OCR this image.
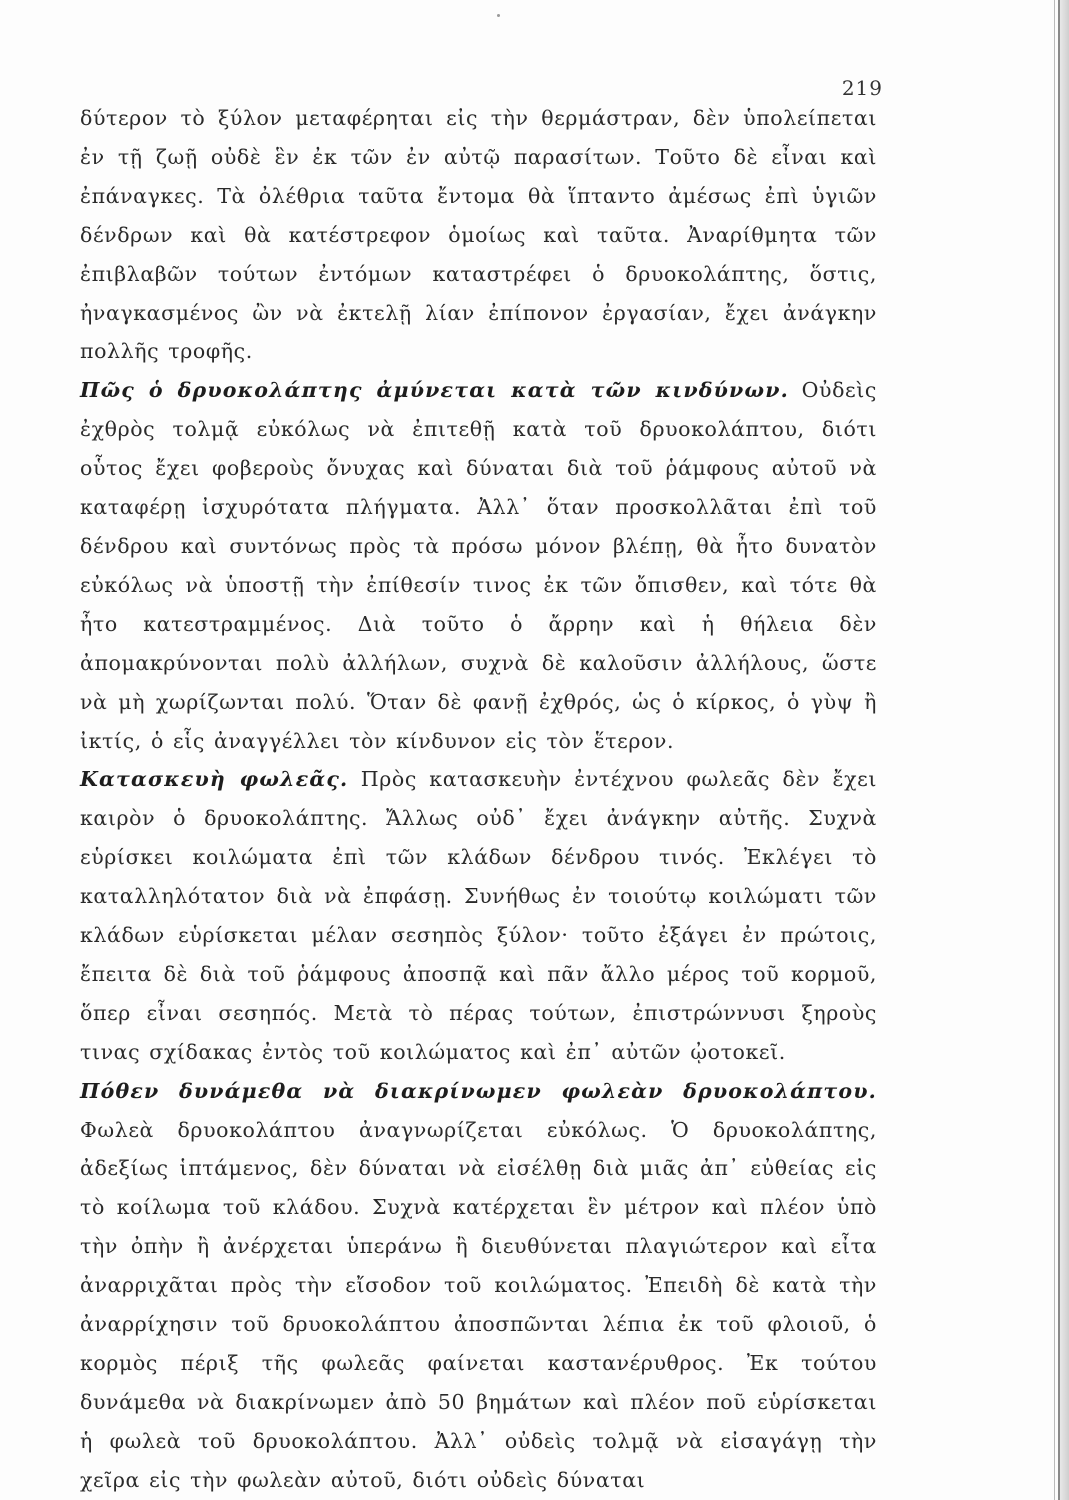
219

δύτερον τὸ ξύλον μεταφέρηται εἰς τὴν θερμάστραν, δὲν ὑπολείπεται ἐν τῇ ζωῇ οὐδὲ ἓν ἐκ τῶν ἐν αὐτῷ παρασίτων. Τοῦτο δὲ εἶναι καὶ ἐπάναγκες. Τὰ ὀλέθρια ταῦτα ἔντομα θὰ ἵπταντο ἀμέσως ἐπὶ ὑγιῶν δένδρων καὶ θὰ κατέστρεφον ὁμοίως καὶ ταῦτα. Ἀναρίθμητα τῶν ἐπιβλαβῶν τούτων ἐντόμων καταστρέφει ὁ δρυοκολάπτης, ὅστις, ἠναγκασμένος ὢν νὰ ἐκτελῇ λίαν ἐπίπονον ἐργασίαν, ἔχει ἀνάγκην πολλῆς τροφῆς.

Πῶς ὁ δρυοκολάπτης ἀμύνεται κατὰ τῶν κινδύνων. Οὐδεὶς ἐχθρὸς τολμᾷ εὐκόλως νὰ ἐπιτεθῇ κατὰ τοῦ δρυοκολάπτου, διότι οὗτος ἔχει φοβεροὺς ὄνυχας καὶ δύναται διὰ τοῦ ῥάμφους αὐτοῦ νὰ καταφέρῃ ἰσχυρότατα πλήγματα. Ἀλλ᾽ ὅταν προσκολλᾶται ἐπὶ τοῦ δένδρου καὶ συντόνως πρὸς τὰ πρόσω μόνον βλέπῃ, θὰ ἦτο δυνατὸν εὐκόλως νὰ ὑποστῇ τὴν ἐπίθεσίν τινος ἐκ τῶν ὄπισθεν, καὶ τότε θὰ ἦτο κατεστραμμένος. Διὰ τοῦτο ὁ ἄρρην καὶ ἡ θήλεια δὲν ἀπομακρύνονται πολὺ ἀλλήλων, συχνὰ δὲ καλοῦσιν ἀλλήλους, ὥστε νὰ μὴ χωρίζωνται πολύ. Ὅταν δὲ φανῇ ἐχθρός, ὡς ὁ κίρκος, ὁ γὺψ ἢ ἰκτίς, ὁ εἷς ἀναγγέλλει τὸν κίνδυνον εἰς τὸν ἕτερον.

Κατασκευὴ φωλεᾶς. Πρὸς κατασκευὴν ἐντέχνου φωλεᾶς δὲν ἔχει καιρὸν ὁ δρυοκολάπτης. Ἄλλως οὐδ᾽ ἔχει ἀνάγκην αὐτῆς. Συχνὰ εὑρίσκει κοιλώματα ἐπὶ τῶν κλάδων δένδρου τινός. Ἐκλέγει τὸ καταλληλότατον διὰ νὰ ἐπφάσῃ. Συνήθως ἐν τοιούτῳ κοιλώματι τῶν κλάδων εὑρίσκεται μέλαν σεσηπὸς ξύλον· τοῦτο ἐξάγει ἐν πρώτοις, ἔπειτα δὲ διὰ τοῦ ῥάμφους ἀποσπᾷ καὶ πᾶν ἄλλο μέρος τοῦ κορμοῦ, ὅπερ εἶναι σεσηπός. Μετὰ τὸ πέρας τούτων, ἐπιστρώννυσι ξηροὺς τινας σχίδακας ἐντὸς τοῦ κοιλώματος καὶ ἐπ᾽ αὐτῶν ᾠοτοκεῖ.

Πόθεν δυνάμεθα νὰ διακρίνωμεν φωλεὰν δρυοκολάπτου. Φωλεὰ δρυοκολάπτου ἀναγνωρίζεται εὐκόλως. Ὁ δρυοκολάπτης, ἀδεξίως ἱπτάμενος, δὲν δύναται νὰ εἰσέλθῃ διὰ μιᾶς ἀπ᾽ εὐθείας εἰς τὸ κοίλωμα τοῦ κλάδου. Συχνὰ κατέρχεται ἓν μέτρον καὶ πλέον ὑπὸ τὴν ὀπὴν ἢ ἀνέρχεται ὑπεράνω ἢ διευθύνεται πλαγιώτερον καὶ εἶτα ἀναρριχᾶται πρὸς τὴν εἴσοδον τοῦ κοιλώματος. Ἐπειδὴ δὲ κατὰ τὴν ἀναρρίχησιν τοῦ δρυοκολάπτου ἀποσπῶνται λέπια ἐκ τοῦ φλοιοῦ, ὁ κορμὸς πέριξ τῆς φωλεᾶς φαίνεται καστανέρυθρος. Ἐκ τούτου δυνάμεθα νὰ διακρίνωμεν ἀπὸ 50 βημάτων καὶ πλέον ποῦ εὑρίσκεται ἡ φωλεὰ τοῦ δρυοκολάπτου. Ἀλλ᾽ οὐδεὶς τολμᾷ νὰ εἰσαγάγῃ τὴν χεῖρα εἰς τὴν φωλεὰν αὐτοῦ, διότι οὐδεὶς δύναται
